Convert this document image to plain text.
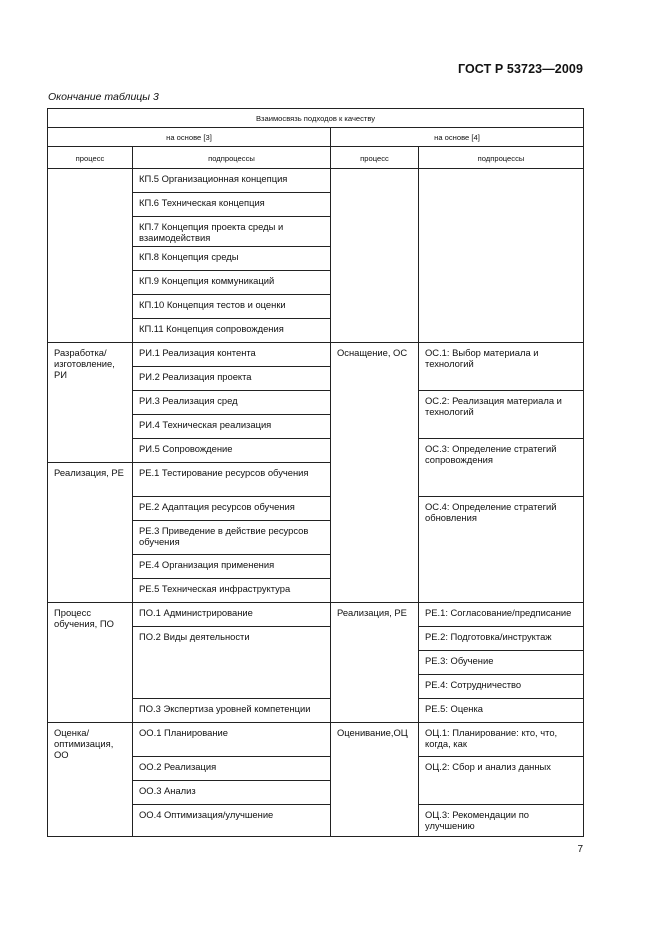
ГОСТ Р 53723—2009
Окончание таблицы 3
Взаимосвязь подходов к качеству			
на основе [3]		на основе [4]	
процесс	подпроцессы	процесс	подпроцессы
	КП.5 Организационная концепция		
	КП.6 Техническая концепция		
	КП.7 Концепция проекта среды и взаимодействия		
	КП.8 Концепция среды		
	КП.9 Концепция коммуникаций		
	КП.10 Концепция тестов и оценки		
	КП.11 Концепция сопровождения		
Разработка/ изготовление, РИ	РИ.1 Реализация контента	Оснащение, ОС	ОС.1: Выбор материала и технологий
	РИ.2 Реализация проекта		
	РИ.3 Реализация сред		ОС.2: Реализация материала и технологий
	РИ.4 Техническая реализация		
	РИ.5 Сопровождение		ОС.3: Определение стратегий сопровождения
Реализация, РЕ	РЕ.1 Тестирование ресурсов обучения		
	РЕ.2 Адаптация ресурсов обучения		ОС.4: Определение стратегий обновления
	РЕ.3 Приведение в действие ресурсов обучения		
	РЕ.4 Организация применения		
	РЕ.5 Техническая инфраструктура		
Процесс обучения, ПО	ПО.1 Администрирование	Реализация, РЕ	РЕ.1: Согласование/предписание
	ПО.2 Виды деятельности		РЕ.2: Подготовка/инструктаж
			РЕ.3: Обучение
			РЕ.4: Сотрудничество
	ПО.3 Экспертиза уровней компетенции		РЕ.5: Оценка
Оценка/ оптимизация, ОО	ОО.1 Планирование	Оценивание,ОЦ	ОЦ.1: Планирование: кто, что, когда, как
	ОО.2 Реализация		ОЦ.2: Сбор и анализ данных
	ОО.3 Анализ		
	ОО.4 Оптимизация/улучшение		ОЦ.3: Рекомендации по улучшению
7
